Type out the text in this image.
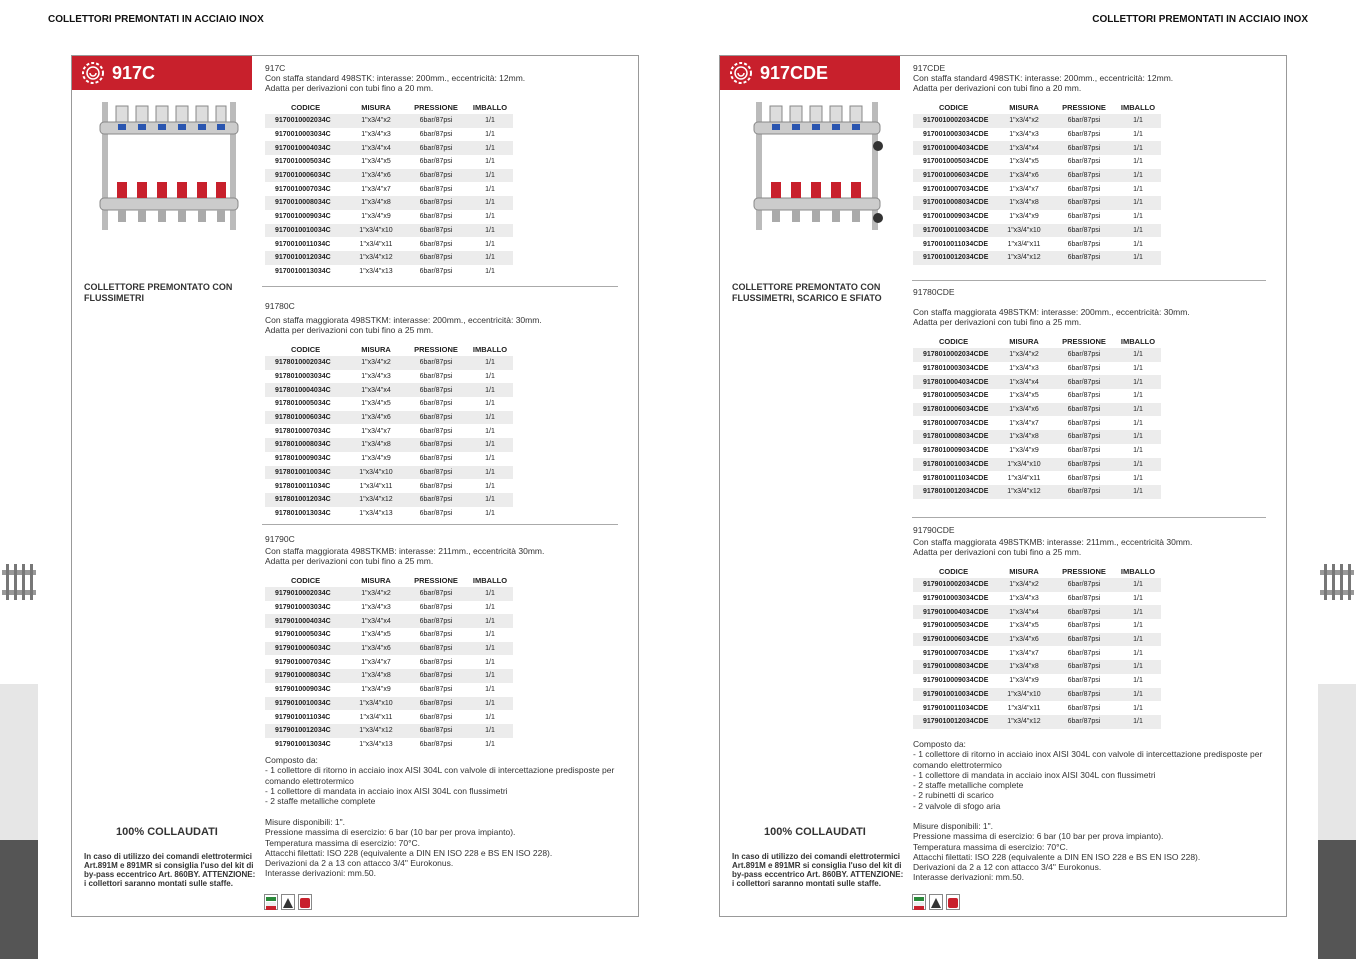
5	5
COLLETTORI PREMONTATI IN ACCIAIO INOX
917C
COLLETTORE PREMONTATO CON FLUSSIMETRI
917C
Con staffa standard 498STK: interasse: 200mm., eccentricità: 12mm.
Adatta per derivazioni con tubi fino a 20 mm.
CODICE	MISURA	PRESSIONE	IMBALLO
9170010002034C	1"x3/4"x2	6bar/87psi	1/1
9170010003034C	1"x3/4"x3	6bar/87psi	1/1
9170010004034C	1"x3/4"x4	6bar/87psi	1/1
9170010005034C	1"x3/4"x5	6bar/87psi	1/1
9170010006034C	1"x3/4"x6	6bar/87psi	1/1
9170010007034C	1"x3/4"x7	6bar/87psi	1/1
9170010008034C	1"x3/4"x8	6bar/87psi	1/1
9170010009034C	1"x3/4"x9	6bar/87psi	1/1
9170010010034C	1"x3/4"x10	6bar/87psi	1/1
9170010011034C	1"x3/4"x11	6bar/87psi	1/1
9170010012034C	1"x3/4"x12	6bar/87psi	1/1
9170010013034C	1"x3/4"x13	6bar/87psi	1/1
91780C
Con staffa maggiorata 498STKM: interasse: 200mm., eccentricità: 30mm.
Adatta per derivazioni con tubi fino a 25 mm.
CODICE	MISURA	PRESSIONE	IMBALLO
9178010002034C	1"x3/4"x2	6bar/87psi	1/1
9178010003034C	1"x3/4"x3	6bar/87psi	1/1
9178010004034C	1"x3/4"x4	6bar/87psi	1/1
9178010005034C	1"x3/4"x5	6bar/87psi	1/1
9178010006034C	1"x3/4"x6	6bar/87psi	1/1
9178010007034C	1"x3/4"x7	6bar/87psi	1/1
9178010008034C	1"x3/4"x8	6bar/87psi	1/1
9178010009034C	1"x3/4"x9	6bar/87psi	1/1
9178010010034C	1"x3/4"x10	6bar/87psi	1/1
9178010011034C	1"x3/4"x11	6bar/87psi	1/1
9178010012034C	1"x3/4"x12	6bar/87psi	1/1
9178010013034C	1"x3/4"x13	6bar/87psi	1/1
91790C
Con staffa maggiorata 498STKMB: interasse: 211mm., eccentricità 30mm.
Adatta per derivazioni con tubi fino a 25 mm.
CODICE	MISURA	PRESSIONE	IMBALLO
9179010002034C	1"x3/4"x2	6bar/87psi	1/1
9179010003034C	1"x3/4"x3	6bar/87psi	1/1
9179010004034C	1"x3/4"x4	6bar/87psi	1/1
9179010005034C	1"x3/4"x5	6bar/87psi	1/1
9179010006034C	1"x3/4"x6	6bar/87psi	1/1
9179010007034C	1"x3/4"x7	6bar/87psi	1/1
9179010008034C	1"x3/4"x8	6bar/87psi	1/1
9179010009034C	1"x3/4"x9	6bar/87psi	1/1
9179010010034C	1"x3/4"x10	6bar/87psi	1/1
9179010011034C	1"x3/4"x11	6bar/87psi	1/1
9179010012034C	1"x3/4"x12	6bar/87psi	1/1
9179010013034C	1"x3/4"x13	6bar/87psi	1/1
Composto da:
- 1 collettore di ritorno in acciaio inox AISI 304L con valvole di intercettazione predisposte per
comando elettrotermico
- 1 collettore di mandata in acciaio inox AISI 304L con flussimetri
- 2 staffe metalliche complete
Misure disponibili: 1".
Pressione massima di esercizio: 6 bar (10 bar per prova impianto).
Temperatura massima di esercizio: 70°C.
Attacchi filettati: ISO 228 (equivalente a DIN EN ISO 228 e BS EN ISO 228).
Derivazioni da 2 a 13 con attacco 3/4" Eurokonus.
Interasse derivazioni: mm.50.
100% COLLAUDATI
In caso di utilizzo dei comandi elettrotermici Art.891M e 891MR si consiglia l'uso del kit di by-pass eccentrico Art. 860BY. ATTENZIONE: i collettori saranno montati sulle staffe.
122	itap
COLLETTORI PREMONTATI IN ACCIAIO INOX
917CDE
COLLETTORE PREMONTATO CON FLUSSIMETRI, SCARICO E SFIATO
917CDE
Con staffa standard 498STK: interasse: 200mm., eccentricità: 12mm.
Adatta per derivazioni con tubi fino a 20 mm.
CODICE	MISURA	PRESSIONE	IMBALLO
9170010002034CDE	1"x3/4"x2	6bar/87psi	1/1
9170010003034CDE	1"x3/4"x3	6bar/87psi	1/1
9170010004034CDE	1"x3/4"x4	6bar/87psi	1/1
9170010005034CDE	1"x3/4"x5	6bar/87psi	1/1
9170010006034CDE	1"x3/4"x6	6bar/87psi	1/1
9170010007034CDE	1"x3/4"x7	6bar/87psi	1/1
9170010008034CDE	1"x3/4"x8	6bar/87psi	1/1
9170010009034CDE	1"x3/4"x9	6bar/87psi	1/1
9170010010034CDE	1"x3/4"x10	6bar/87psi	1/1
9170010011034CDE	1"x3/4"x11	6bar/87psi	1/1
9170010012034CDE	1"x3/4"x12	6bar/87psi	1/1
91780CDE
Con staffa maggiorata 498STKM: interasse: 200mm., eccentricità: 30mm.
Adatta per derivazioni con tubi fino a 25 mm.
CODICE	MISURA	PRESSIONE	IMBALLO
9178010002034CDE	1"x3/4"x2	6bar/87psi	1/1
9178010003034CDE	1"x3/4"x3	6bar/87psi	1/1
9178010004034CDE	1"x3/4"x4	6bar/87psi	1/1
9178010005034CDE	1"x3/4"x5	6bar/87psi	1/1
9178010006034CDE	1"x3/4"x6	6bar/87psi	1/1
9178010007034CDE	1"x3/4"x7	6bar/87psi	1/1
9178010008034CDE	1"x3/4"x8	6bar/87psi	1/1
9178010009034CDE	1"x3/4"x9	6bar/87psi	1/1
9178010010034CDE	1"x3/4"x10	6bar/87psi	1/1
9178010011034CDE	1"x3/4"x11	6bar/87psi	1/1
9178010012034CDE	1"x3/4"x12	6bar/87psi	1/1
91790CDE
Con staffa maggiorata 498STKMB: interasse: 211mm., eccentricità 30mm.
Adatta per derivazioni con tubi fino a 25 mm.
CODICE	MISURA	PRESSIONE	IMBALLO
9179010002034CDE	1"x3/4"x2	6bar/87psi	1/1
9179010003034CDE	1"x3/4"x3	6bar/87psi	1/1
9179010004034CDE	1"x3/4"x4	6bar/87psi	1/1
9179010005034CDE	1"x3/4"x5	6bar/87psi	1/1
9179010006034CDE	1"x3/4"x6	6bar/87psi	1/1
9179010007034CDE	1"x3/4"x7	6bar/87psi	1/1
9179010008034CDE	1"x3/4"x8	6bar/87psi	1/1
9179010009034CDE	1"x3/4"x9	6bar/87psi	1/1
9179010010034CDE	1"x3/4"x10	6bar/87psi	1/1
9179010011034CDE	1"x3/4"x11	6bar/87psi	1/1
9179010012034CDE	1"x3/4"x12	6bar/87psi	1/1
Composto da:
- 1 collettore di ritorno in acciaio inox AISI 304L con valvole di intercettazione predisposte per
comando elettrotermico
- 1 collettore di mandata in acciaio inox AISI 304L con flussimetri
- 2 staffe metalliche complete
- 2 rubinetti di scarico
- 2 valvole di sfogo aria
Misure disponibili: 1".
Pressione massima di esercizio: 6 bar (10 bar per prova impianto).
Temperatura massima di esercizio: 70°C.
Attacchi filettati: ISO 228 (equivalente a DIN EN ISO 228 e BS EN ISO 228).
Derivazioni da 2 a 12 con attacco 3/4" Eurokonus.
Interasse derivazioni: mm.50.
100% COLLAUDATI
In caso di utilizzo dei comandi elettrotermici Art.891M e 891MR si consiglia l'uso del kit di by-pass eccentrico Art. 860BY. ATTENZIONE: i collettori saranno montati sulle staffe.
123
itap
